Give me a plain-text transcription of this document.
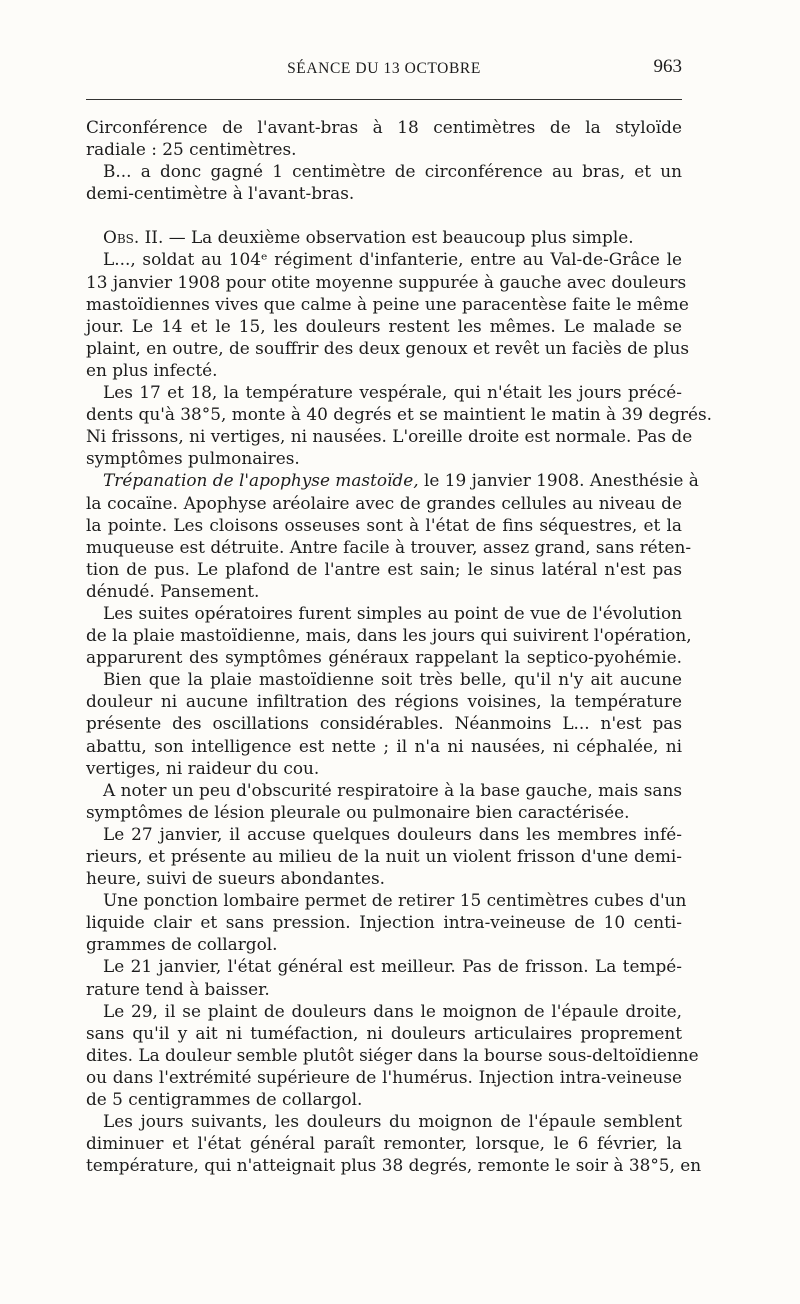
SÉANCE DU 13 OCTOBRE	963
Circonférence de l'avant-bras à 18 centimètres de la styloïde
radiale : 25 centimètres.
B... a donc gagné 1 centimètre de circonférence au bras, et un
demi-centimètre à l'avant-bras.
Obs. II. — La deuxième observation est beaucoup plus simple.
L..., soldat au 104ᵉ régiment d'infanterie, entre au Val-de-Grâce le
13 janvier 1908 pour otite moyenne suppurée à gauche avec douleurs
mastoïdiennes vives que calme à peine une paracentèse faite le même
jour. Le 14 et le 15, les douleurs restent les mêmes. Le malade se
plaint, en outre, de souffrir des deux genoux et revêt un faciès de plus
en plus infecté.
Les 17 et 18, la température vespérale, qui n'était les jours précé-
dents qu'à 38°5, monte à 40 degrés et se maintient le matin à 39 degrés.
Ni frissons, ni vertiges, ni nausées. L'oreille droite est normale. Pas de
symptômes pulmonaires.
Trépanation de l'apophyse mastoïde, le 19 janvier 1908. Anesthésie à
la cocaïne. Apophyse aréolaire avec de grandes cellules au niveau de
la pointe. Les cloisons osseuses sont à l'état de fins séquestres, et la
muqueuse est détruite. Antre facile à trouver, assez grand, sans réten-
tion de pus. Le plafond de l'antre est sain; le sinus latéral n'est pas
dénudé. Pansement.
Les suites opératoires furent simples au point de vue de l'évolution
de la plaie mastoïdienne, mais, dans les jours qui suivirent l'opération,
apparurent des symptômes généraux rappelant la septico-pyohémie.
Bien que la plaie mastoïdienne soit très belle, qu'il n'y ait aucune
douleur ni aucune infiltration des régions voisines, la température
présente des oscillations considérables. Néanmoins L... n'est pas
abattu, son intelligence est nette ; il n'a ni nausées, ni céphalée, ni
vertiges, ni raideur du cou.
A noter un peu d'obscurité respiratoire à la base gauche, mais sans
symptômes de lésion pleurale ou pulmonaire bien caractérisée.
Le 27 janvier, il accuse quelques douleurs dans les membres infé-
rieurs, et présente au milieu de la nuit un violent frisson d'une demi-
heure, suivi de sueurs abondantes.
Une ponction lombaire permet de retirer 15 centimètres cubes d'un
liquide clair et sans pression. Injection intra-veineuse de 10 centi-
grammes de collargol.
Le 21 janvier, l'état général est meilleur. Pas de frisson. La tempé-
rature tend à baisser.
Le 29, il se plaint de douleurs dans le moignon de l'épaule droite,
sans qu'il y ait ni tuméfaction, ni douleurs articulaires proprement
dites. La douleur semble plutôt siéger dans la bourse sous-deltoïdienne
ou dans l'extrémité supérieure de l'humérus. Injection intra-veineuse
de 5 centigrammes de collargol.
Les jours suivants, les douleurs du moignon de l'épaule semblent
diminuer et l'état général paraît remonter, lorsque, le 6 février, la
température, qui n'atteignait plus 38 degrés, remonte le soir à 38°5, en
